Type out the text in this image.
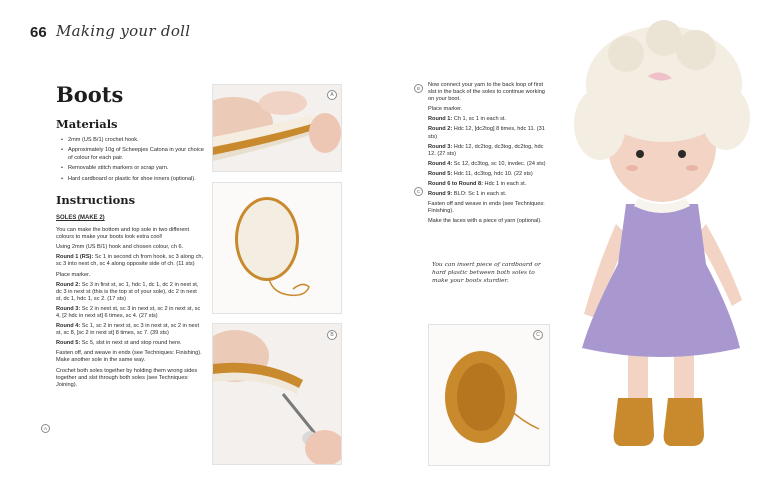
66 Making your doll
Boots
Materials
• 2mm (US B/1) crochet hook.
• Approximately 10g of Scheepjes Catona in your choice of colour for each pair.
• Removable stitch markers or scrap yarn.
• Hard cardboard or plastic for shoe inners (optional).
Instructions
SOLES (MAKE 2)

You can make the bottom and top sole in two different colours to make your boots look extra cool!

Using 2mm (US B/1) hook and chosen colour, ch 6.

Round 1 (RS): Sc 1 in second ch from hook, sc 3 along ch, sc 3 into next ch, sc 4 along opposite side of ch. (11 sts)

Place marker.

Round 2: Sc 3 in first st, sc 1, hdc 1, dc 1, dc 2 in next st, dc 3 in next st (this is the top st of your sole), dc 2 in next st, dc 1, hdc 1, sc 2. (17 sts)

Round 3: Sc 2 in next st, sc 3 in next st, sc 2 in next st, sc 4, [2 hdc in next st] 6 times, sc 4. (27 sts)

Round 4: Sc 1, sc 2 in next st, sc 3 in next st, sc 2 in next st, sc 8, [sc 2 in next st] 8 times, sc 7. (39 sts)

Round 5: Sc 5, slst in next st and stop round here.

Fasten off, and weave in ends (see Techniques: Finishing). Make another sole in the same way.

Crochet both soles together by holding them wrong sides together and slst through both soles (see Techniques: Joining).

A
A
B	C
B

Now connect your yarn to the back loop of first slst in the back of the soles to continue working on your boot.

Place marker.

Round 1: Ch 1, sc 1 in each st.

Round 2: Hdc 12, [dc2tog] 8 times, hdc 11. (31 sts)

Round 3: Hdc 12, dc2tog, dc3tog, dc2tog, hdc 12. (27 sts)

Round 4: Sc 12, dc3tog, sc 10, invdec. (24 sts)

Round 5: Hdc 11, dc3tog, hdc 10. (22 sts)

Round 6 to Round 8: Hdc 1 in each st.

Round 9: BLO: Sc 1 in each st.

Fasten off and weave in ends (see Techniques: Finishing).

Make the laces with a piece of yarn (optional).

C
You can insert piece of cardboard or hard plastic between both soles to make your boots sturdier.
